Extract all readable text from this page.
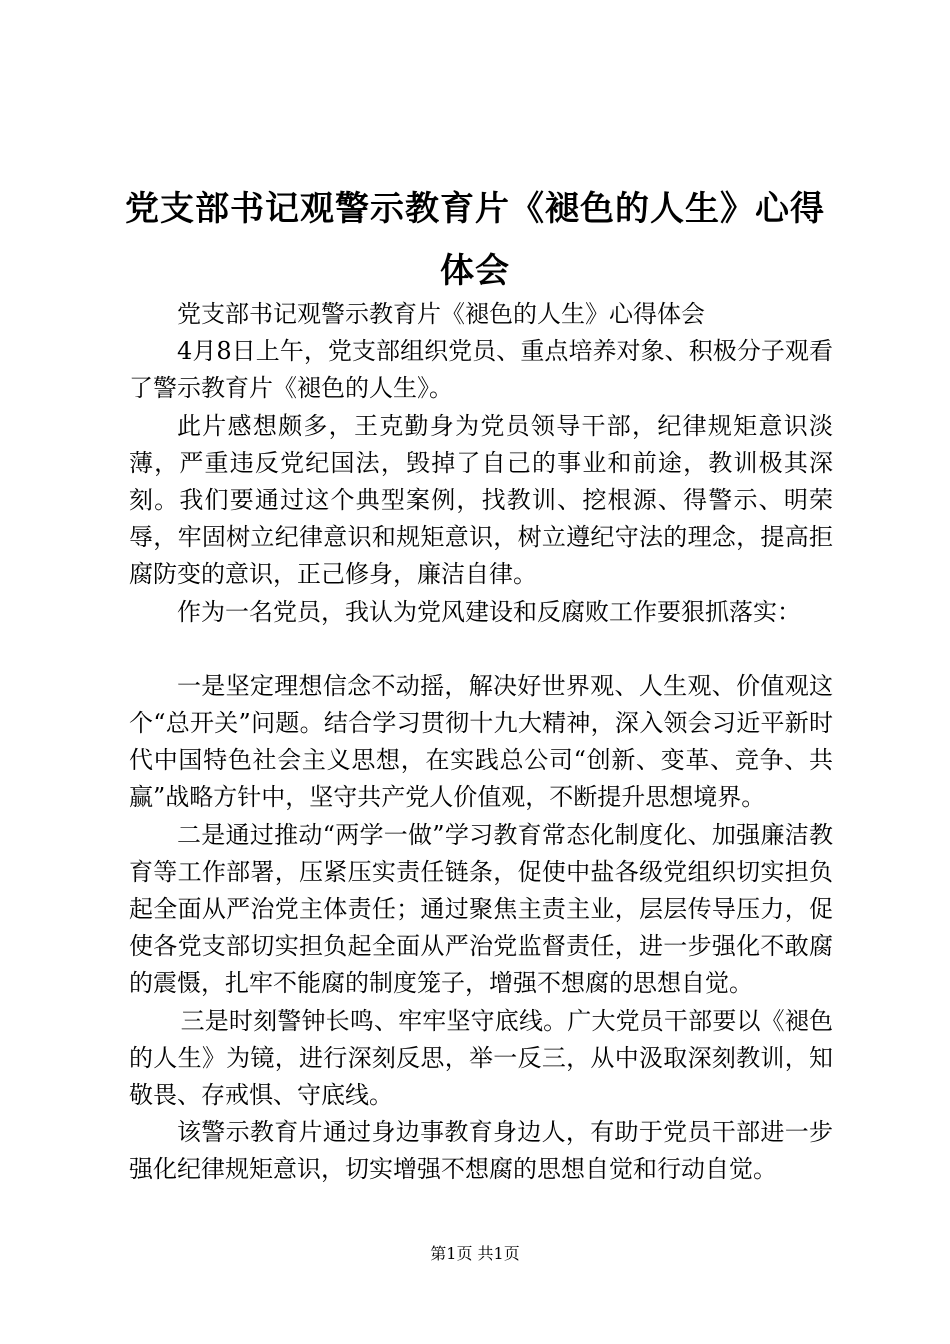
党支部书记观警示教育片《褪色的人生》心得体会

党支部书记观警示教育片《褪色的人生》心得体会

4月8日上午，党支部组织党员、重点培养对象、积极分子观看了警示教育片《褪色的人生》。

此片感想颇多，王克勤身为党员领导干部，纪律规矩意识淡薄，严重违反党纪国法，毁掉了自己的事业和前途，教训极其深刻。我们要通过这个典型案例，找教训、挖根源、得警示、明荣辱，牢固树立纪律意识和规矩意识，树立遵纪守法的理念，提高拒腐防变的意识，正己修身，廉洁自律。

作为一名党员，我认为党风建设和反腐败工作要狠抓落实：

一是坚定理想信念不动摇，解决好世界观、人生观、价值观这个“总开关”问题。结合学习贯彻十九大精神，深入领会习近平新时代中国特色社会主义思想，在实践总公司“创新、变革、竞争、共赢”战略方针中，坚守共产党人价值观，不断提升思想境界。

二是通过推动“两学一做”学习教育常态化制度化、加强廉洁教育等工作部署，压紧压实责任链条，促使中盐各级党组织切实担负起全面从严治党主体责任；通过聚焦主责主业，层层传导压力，促使各党支部切实担负起全面从严治党监督责任，进一步强化不敢腐的震慑，扎牢不能腐的制度笼子，增强不想腐的思想自觉。

三是时刻警钟长鸣、牢牢坚守底线。广大党员干部要以《褪色的人生》为镜，进行深刻反思，举一反三，从中汲取深刻教训，知敬畏、存戒惧、守底线。

该警示教育片通过身边事教育身边人，有助于党员干部进一步强化纪律规矩意识，切实增强不想腐的思想自觉和行动自觉。

第1页 共1页
